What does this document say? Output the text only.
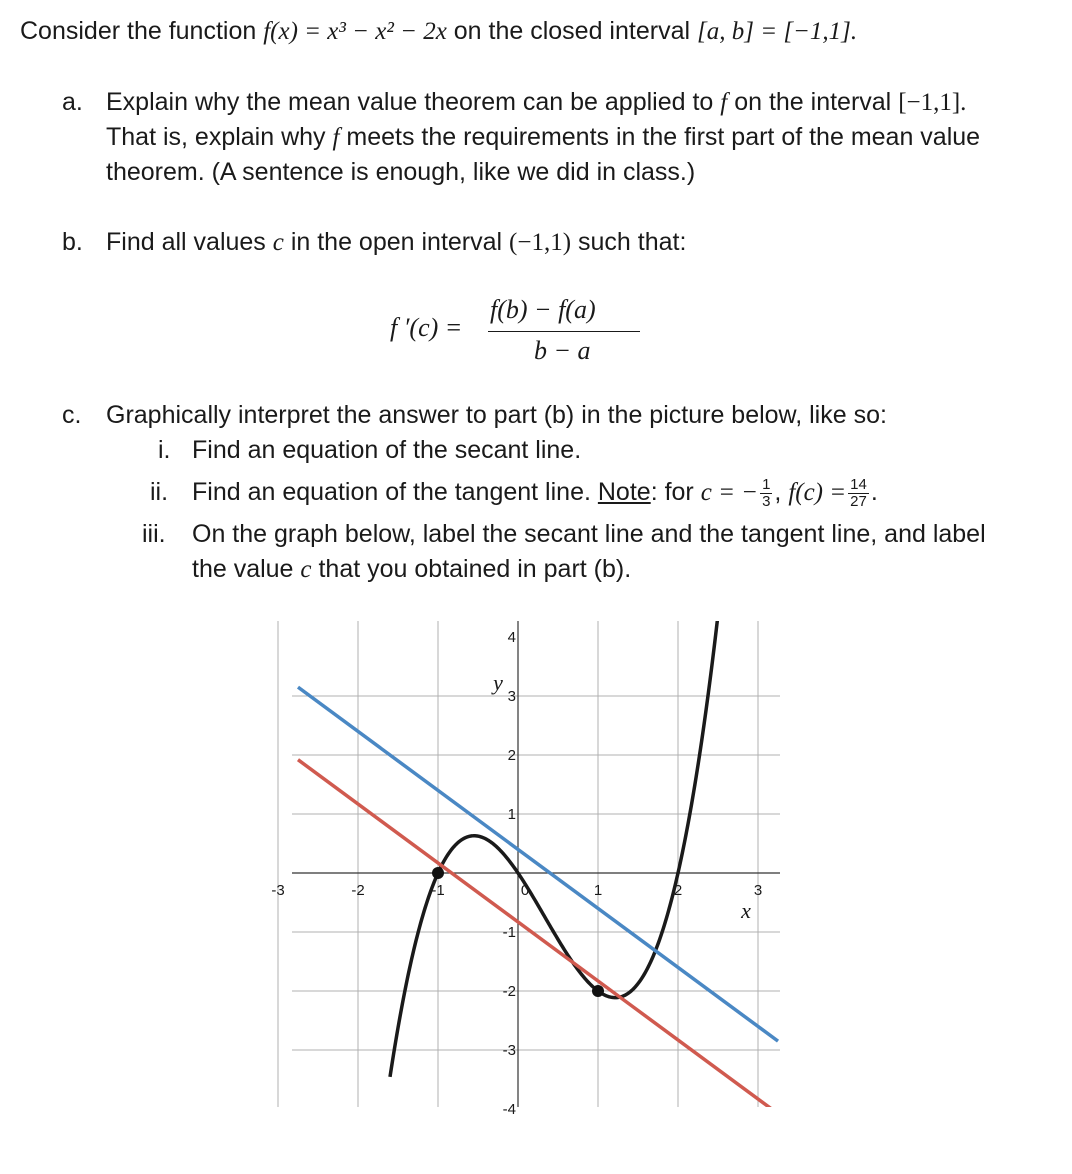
Consider the function f(x) = x³ − x² − 2x on the closed interval [a, b] = [−1,1].
a. Explain why the mean value theorem can be applied to f on the interval [−1,1].
That is, explain why f meets the requirements in the first part of the mean value
theorem. (A sentence is enough, like we did in class.)
b. Find all values c in the open interval (−1,1) such that:
f ′(c) =
f(b) − f(a)
b − a
c. Graphically interpret the answer to part (b) in the picture below, like so:
i. Find an equation of the secant line.
ii. Find an equation of the tangent line. Note: for c = − $\frac{1}{3}$ , $f(c) = \frac{14}{27}$ .
iii. On the graph below, label the secant line and the tangent line, and label
the value c that you obtained in part (b).
-3	-2	-1	0	1	2	3
-4
-3
-2
-1
1
2
3
4
x
y
